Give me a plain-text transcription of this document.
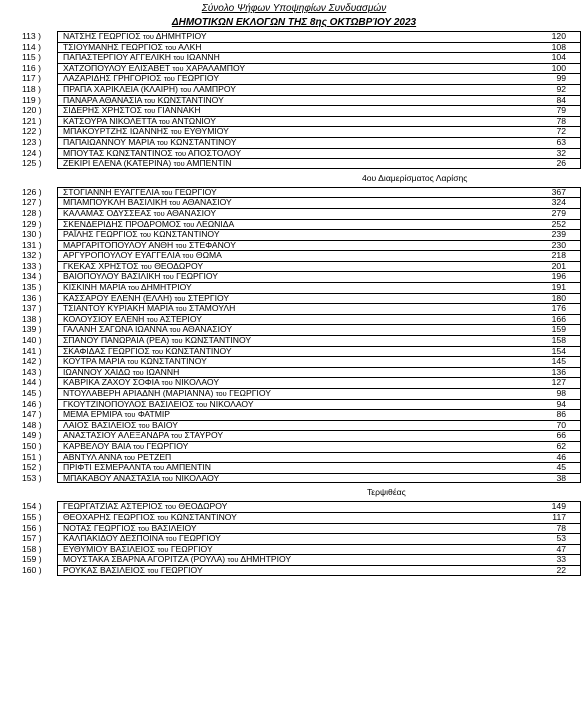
Σύνολο Ψήφων Υποψηφίων Συνδυασμών
ΔΗΜΟΤΙΚΩΝ ΕΚΛΟΓΩΝ ΤΗΣ 8ης ΟΚΤΩΒΡΊΟΥ 2023
113 )	ΝΑΤΣΗΣ ΓΕΩΡΓΙΟΣ του ΔΗΜΗΤΡΙΟΥ	120
114 )	ΤΣΙΟΥΜΑΝΗΣ ΓΕΩΡΓΙΟΣ του ΑΛΚΗ	108
115 )	ΠΑΠΑΣΤΕΡΓΙΟΥ ΑΓΓΕΛΙΚΗ του ΙΩΑΝΝΗ	104
116 )	ΧΑΤΖΟΠΟΥΛΟΥ ΕΛΙΣΑΒΕΤ του ΧΑΡΑΛΑΜΠΟΥ	100
117 )	ΛΑΖΑΡΙΔΗΣ ΓΡΗΓΟΡΙΟΣ του ΓΕΩΡΓΙΟΥ	99
118 )	ΠΡΑΠΑ ΧΑΡΙΚΛΕΙΑ (ΚΛΑΙΡΗ) του ΛΑΜΠΡΟΥ	92
119 )	ΠΑΝΑΡΑ ΑΘΑΝΑΣΙΑ του ΚΩΝΣΤΑΝΤΙΝΟΥ	84
120 )	ΣΙΔΕΡΗΣ ΧΡΗΣΤΟΣ του ΓΙΑΝΝΑΚΗ	79
121 )	ΚΑΤΣΟΥΡΑ ΝΙΚΟΛΕΤΤΑ του ΑΝΤΩΝΙΟΥ	78
122 )	ΜΠΑΚΟΥΡΤΖΗΣ ΙΩΑΝΝΗΣ του ΕΥΘΥΜΙΟΥ	72
123 )	ΠΑΠΑΙΩΑΝΝΟΥ ΜΑΡΙΑ του ΚΩΝΣΤΑΝΤΙΝΟΥ	63
124 )	ΜΠΟΥΤΑΣ ΚΩΝΣΤΑΝΤΙΝΟΣ του ΑΠΟΣΤΟΛΟΥ	32
125 )	ΖΕΚΙΡΙ ΕΛΕΝΑ (ΚΑΤΕΡΙΝΑ) του ΑΜΠΕΝΤΙΝ	26
4ου Διαμερίσματος Λαρίσης
126 )	ΣΤΟΓΙΑΝΝΗ ΕΥΑΓΓΕΛΙΑ του ΓΕΩΡΓΙΟΥ	367
127 )	ΜΠΑΜΠΟΥΚΛΗ ΒΑΣΙΛΙΚΗ του ΑΘΑΝΑΣΙΟΥ	324
128 )	ΚΑΛΑΜΑΣ ΟΔΥΣΣΕΑΣ του ΑΘΑΝΑΣΙΟΥ	279
129 )	ΣΚΕΝΔΕΡΙΔΗΣ ΠΡΟΔΡΟΜΟΣ του ΛΕΩΝΙΔΑ	252
130 )	ΡΑΪΛΗΣ ΓΕΩΡΓΙΟΣ του ΚΩΝΣΤΑΝΤΙΝΟΥ	239
131 )	ΜΑΡΓΑΡΙΤΟΠΟΥΛΟΥ ΑΝΘΗ του ΣΤΕΦΑΝΟΥ	230
132 )	ΑΡΓΥΡΟΠΟΥΛΟΥ ΕΥΑΓΓΕΛΙΑ του ΘΩΜΑ	218
133 )	ΓΚΕΚΑΣ ΧΡΗΣΤΟΣ του ΘΕΟΔΩΡΟΥ	201
134 )	ΒΑΙΟΠΟΥΛΟΥ ΒΑΣΙΛΙΚΗ του ΓΕΩΡΓΙΟΥ	196
135 )	ΚΙΣΚΙΝΗ ΜΑΡΙΑ του ΔΗΜΗΤΡΙΟΥ	191
136 )	ΚΑΣΣΑΡΟΥ ΕΛΕΝΗ (ΕΛΛΗ) του ΣΤΕΡΓΙΟΥ	180
137 )	ΤΣΙΑΝΤΟΥ ΚΥΡΙΑΚΗ ΜΑΡΙΑ του ΣΤΑΜΟΥΛΗ	176
138 )	ΚΟΛΟΥΣΙΟΥ ΕΛΕΝΗ του ΑΣΤΕΡΙΟΥ	166
139 )	ΓΑΛΑΝΗ ΣΑΓΩΝΑ ΙΩΑΝΝΑ του ΑΘΑΝΑΣΙΟΥ	159
140 )	ΣΠΑΝΟΥ ΠΑΝΩΡΑΙΑ (ΡΕΑ) του ΚΩΝΣΤΑΝΤΙΝΟΥ	158
141 )	ΣΚΑΦΙΔΑΣ ΓΕΩΡΓΙΟΣ του ΚΩΝΣΤΑΝΤΙΝΟΥ	154
142 )	ΚΟΥΤΡΑ ΜΑΡΙΑ του ΚΩΝΣΤΑΝΤΙΝΟΥ	145
143 )	ΙΩΑΝΝΟΥ ΧΑΙΔΩ του ΙΩΑΝΝΗ	136
144 )	ΚΑΒΡΙΚΑ ΖΑΧΟΥ ΣΟΦΙΑ του ΝΙΚΟΛΑΟΥ	127
145 )	ΝΤΟΥΛΑΒΕΡΗ ΑΡΙΑΔΝΗ (ΜΑΡΙΑΝΝΑ) του ΓΕΩΡΓΙΟΥ	98
146 )	ΓΚΟΥΤΖΙΝΟΠΟΥΛΟΣ ΒΑΣΙΛΕΙΟΣ του ΝΙΚΟΛΑΟΥ	94
147 )	ΜΕΜΑ ΕΡΜΙΡΑ του ΦΑΤΜΙΡ	86
148 )	ΛΑΙΟΣ ΒΑΣΙΛΕΙΟΣ του ΒΑΙΟΥ	70
149 )	ΑΝΑΣΤΑΣΙΟΥ ΑΛΕΞΑΝΔΡΑ του ΣΤΑΥΡΟΥ	66
150 )	ΚΑΡΒΕΛΟΥ ΒΑΙΑ του ΓΕΩΡΓΙΟΥ	62
151 )	ΑΒΝΤΥΛ ΑΝΝΑ του ΡΕΤΖΕΠ	46
152 )	ΠΡΙΦΤΙ ΕΣΜΕΡΑΛΝΤΑ του ΑΜΠΕΝΤΙΝ	45
153 )	ΜΠΑΚΑΒΟΥ ΑΝΑΣΤΑΣΙΑ του ΝΙΚΟΛΑΟΥ	38
Τερψιθέας
154 )	ΓΕΩΡΓΑΤΖΙΑΣ ΑΣΤΕΡΙΟΣ του ΘΕΟΔΩΡΟΥ	149
155 )	ΘΕΟΧΑΡΗΣ ΓΕΩΡΓΙΟΣ του ΚΩΝΣΤΑΝΤΙΝΟΥ	117
156 )	ΝΟΤΑΣ ΓΕΩΡΓΙΟΣ του ΒΑΣΙΛΕΙΟΥ	78
157 )	ΚΑΛΠΑΚΙΔΟΥ ΔΕΣΠΟΙΝΑ του ΓΕΩΡΓΙΟΥ	53
158 )	ΕΥΘΥΜΙΟΥ ΒΑΣΙΛΕΙΟΣ του ΓΕΩΡΓΙΟΥ	47
159 )	ΜΟΥΣΤΑΚΑ ΣΒΑΡΝΑ ΑΓΟΡΙΤΖΑ (ΡΟΥΛΑ) του ΔΗΜΗΤΡΙΟΥ	33
160 )	ΡΟΥΚΑΣ ΒΑΣΙΛΕΙΟΣ του ΓΕΩΡΓΙΟΥ	22
